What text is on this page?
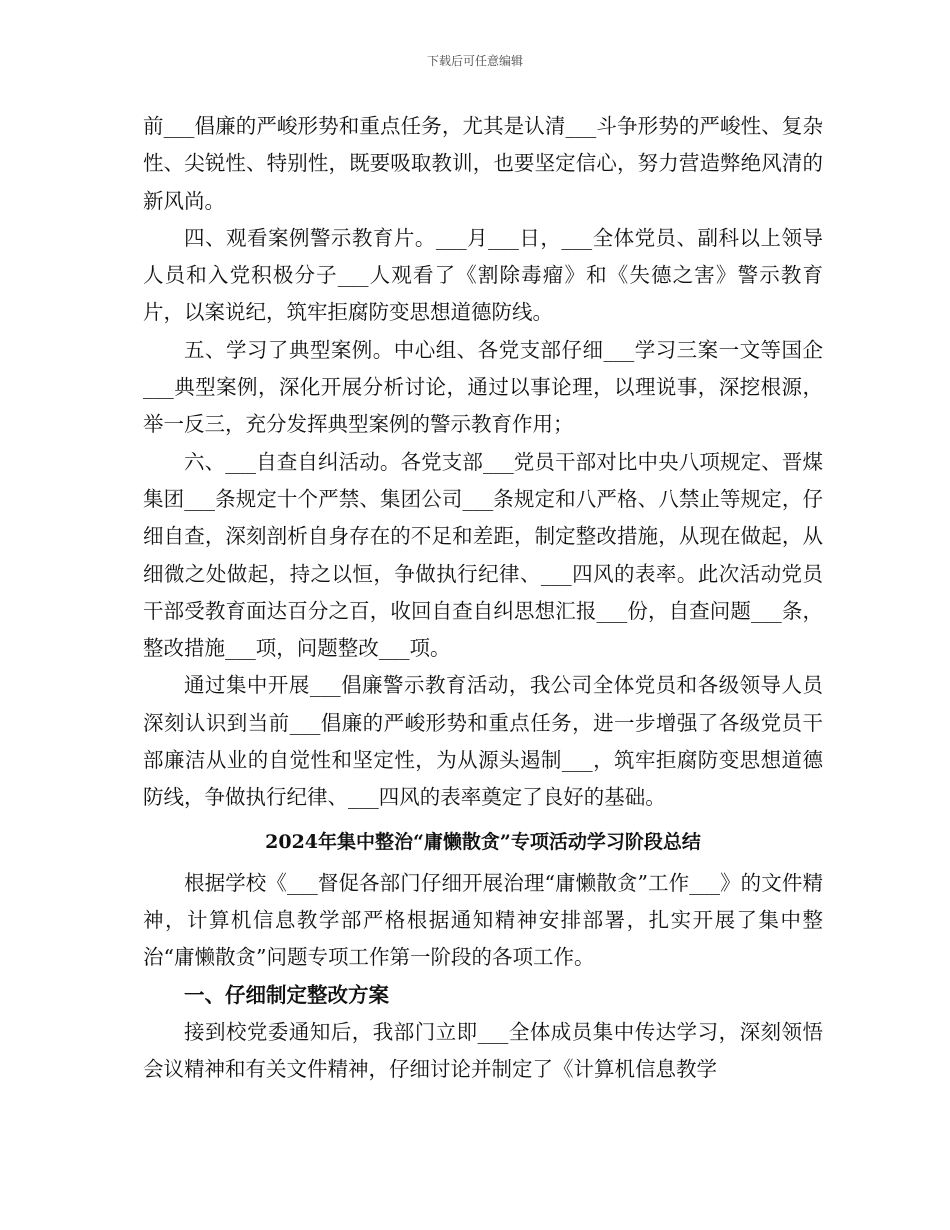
下载后可任意编辑

前___倡廉的严峻形势和重点任务，尤其是认清___斗争形势的严峻性、复杂性、尖锐性、特别性，既要吸取教训，也要坚定信心，努力营造弊绝风清的新风尚。

四、观看案例警示教育片。___月___日，___全体党员、副科以上领导人员和入党积极分子___人观看了《割除毒瘤》和《失德之害》警示教育片，以案说纪，筑牢拒腐防变思想道德防线。

五、学习了典型案例。中心组、各党支部仔细___学习三案一文等国企___典型案例，深化开展分析讨论，通过以事论理，以理说事，深挖根源，举一反三，充分发挥典型案例的警示教育作用；

六、___自查自纠活动。各党支部___党员干部对比中央八项规定、晋煤集团___条规定十个严禁、集团公司___条规定和八严格、八禁止等规定，仔细自查，深刻剖析自身存在的不足和差距，制定整改措施，从现在做起，从细微之处做起，持之以恒，争做执行纪律、___四风的表率。此次活动党员干部受教育面达百分之百，收回自查自纠思想汇报___份，自查问题___条，整改措施___项，问题整改___项。

通过集中开展___倡廉警示教育活动，我公司全体党员和各级领导人员深刻认识到当前___倡廉的严峻形势和重点任务，进一步增强了各级党员干部廉洁从业的自觉性和坚定性，为从源头遏制___，筑牢拒腐防变思想道德防线，争做执行纪律、___四风的表率奠定了良好的基础。

2024年集中整治“庸懒散贪”专项活动学习阶段总结

根据学校《___督促各部门仔细开展治理“庸懒散贪”工作___》的文件精神，计算机信息教学部严格根据通知精神安排部署，扎实开展了集中整治“庸懒散贪”问题专项工作第一阶段的各项工作。

一、仔细制定整改方案

接到校党委通知后，我部门立即___全体成员集中传达学习，深刻领悟会议精神和有关文件精神，仔细讨论并制定了《计算机信息教学
